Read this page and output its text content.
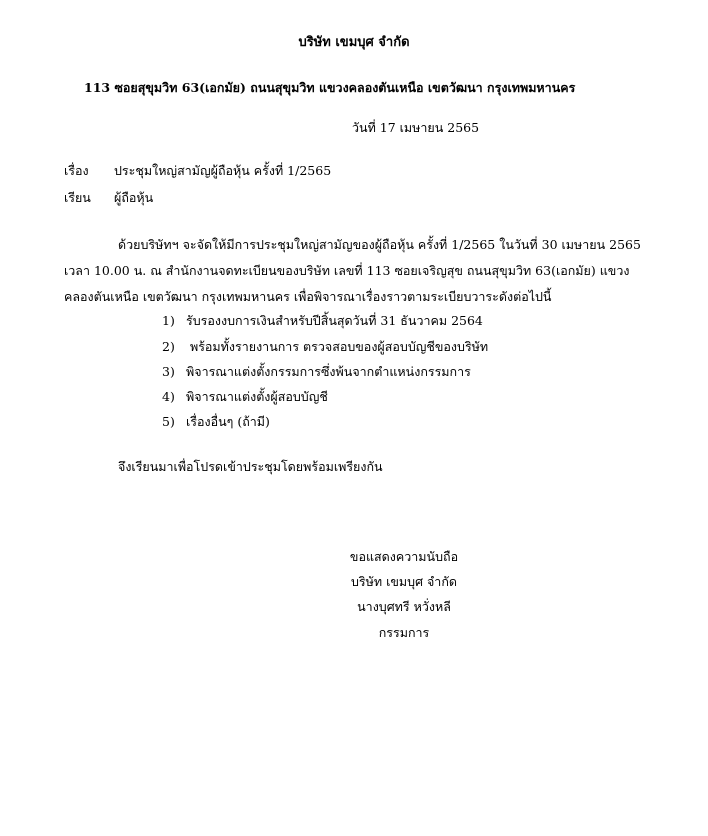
บริษัท เขมบุศ จำกัด
113 ซอยสุขุมวิท 63(เอกมัย) ถนนสุขุมวิท แขวงคลองตันเหนือ เขตวัฒนา กรุงเทพมหานคร
วันที่ 17 เมษายน 2565
เรื่อง ประชุมใหญ่สามัญผู้ถือหุ้น ครั้งที่ 1/2565
เรียน ผู้ถือหุ้น
ด้วยบริษัทฯ จะจัดให้มีการประชุมใหญ่สามัญของผู้ถือหุ้น ครั้งที่ 1/2565 ในวันที่ 30 เมษายน 2565
เวลา 10.00 น. ณ สำนักงานจดทะเบียนของบริษัท เลขที่ 113 ซอยเจริญสุข ถนนสุขุมวิท 63(เอกมัย) แขวง
คลองตันเหนือ เขตวัฒนา กรุงเทพมหานคร เพื่อพิจารณาเรื่องราวตามระเบียบวาระดังต่อไปนี้
1) รับรองงบการเงินสำหรับปีสิ้นสุดวันที่ 31 ธันวาคม 2564
2) พร้อมทั้งรายงานการ ตรวจสอบของผู้สอบบัญชีของบริษัท
3) พิจารณาแต่งตั้งกรรมการซึ่งพ้นจากตำแหน่งกรรมการ
4) พิจารณาแต่งตั้งผู้สอบบัญชี
5) เรื่องอื่นๆ (ถ้ามี)
จึงเรียนมาเพื่อโปรดเข้าประชุมโดยพร้อมเพรียงกัน
ขอแสดงความนับถือ
บริษัท เขมบุศ จำกัด
นางบุศทรี หวั่งหลี
กรรมการ
